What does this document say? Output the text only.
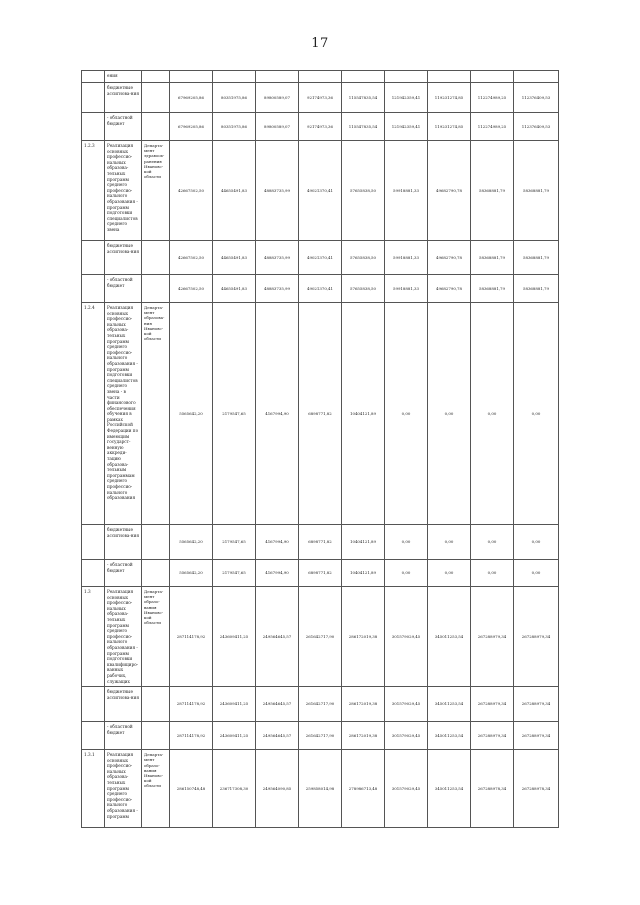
17
	ения										
	бюджетные ассигнова-ния		67969205,86	80351975,86	89800589,07	92174973,36	115547835,54	121942359,41	119231274,85	112274989,25	112376409,53
	- областной бюджет		67969205,86	80351975,86	89800589,07	92174973,36	115547835,54	121942359,41	119231274,85	112274989,25	112376409,53
1.2.3	Реализация основных профессио-нальных образова-тельных программ среднего профессио-нального образования - программ подготовки специалистов среднего звена	Департа-мент здравоох-ранения Ивановс-кой области	42667502,50	44655491,83	48883735,99	49021370,41	57655838,50	59918881,33	49682790,78	58368881,79	58368881,79
	бюджетные ассигнова-ния		42667502,50	44655491,83	48883735,99	49021370,41	57655838,50	59918881,33	49682790,78	58368881,79	58368881,79
	- областной бюджет		42667502,50	44655491,83	48883735,99	49021370,41	57655838,50	59918881,33	49682790,78	58368881,79	58368881,79
1.2.4	Реализация основных профессио-нальных образова-тельных программ среднего профессио-нального образования - программ подготовки специалистов среднего звена - в части финансового обеспечения обучения в рамках Российской Федерации по имеющим государст-венную аккреди-тацию образова-тельным программам среднего профессио-нального образования	Департа-мент образова-ния Ивановс-кой области	5565642,20	2179547,65	4167994,90	6898771,82	10404121,89	0,00	0,00	0,00	0,00
	бюджетные ассигнова-ния		5565642,20	2179547,65	4167994,90	6898771,82	10404121,89	0,00	0,00	0,00	0,00
	- областной бюджет		5565642,20	2179547,65	4167994,90	6898771,82	10404121,89	0,00	0,00	0,00	0,00
1.3	Реализация основных профессио-нальных образова-тельных программ среднего профессио-нального образования - программ подготовки квалифициро-ванных рабочих, служащих	Департа-мент образо-вания Ивановс-кой области	287114178,92	243609411,25	249564645,57	261642717,90	286172019,38	301579029,45	345011253,54	267288979,34	267288979,34
	бюджетные ассигнова-ния		287114178,92	243609411,25	249564645,57	261642717,90	286172019,38	301579029,45	345011253,54	267288979,34	267288979,34
	- областной бюджет		287114178,92	243609411,25	249564645,57	261642717,90	286172019,38	301579029,45	345011253,54	267288979,34	267288979,34
1.3.1	Реализация основных профессио-нальных образова-тельных программ среднего профессио-нального образования - программ	Департа-мент образо-вания Ивановс-кой области	286150748,48	236717308,30	249564090,85	259858014,98	278986713,48	301579029,45	345011253,54	267288978,34	267288978,34
